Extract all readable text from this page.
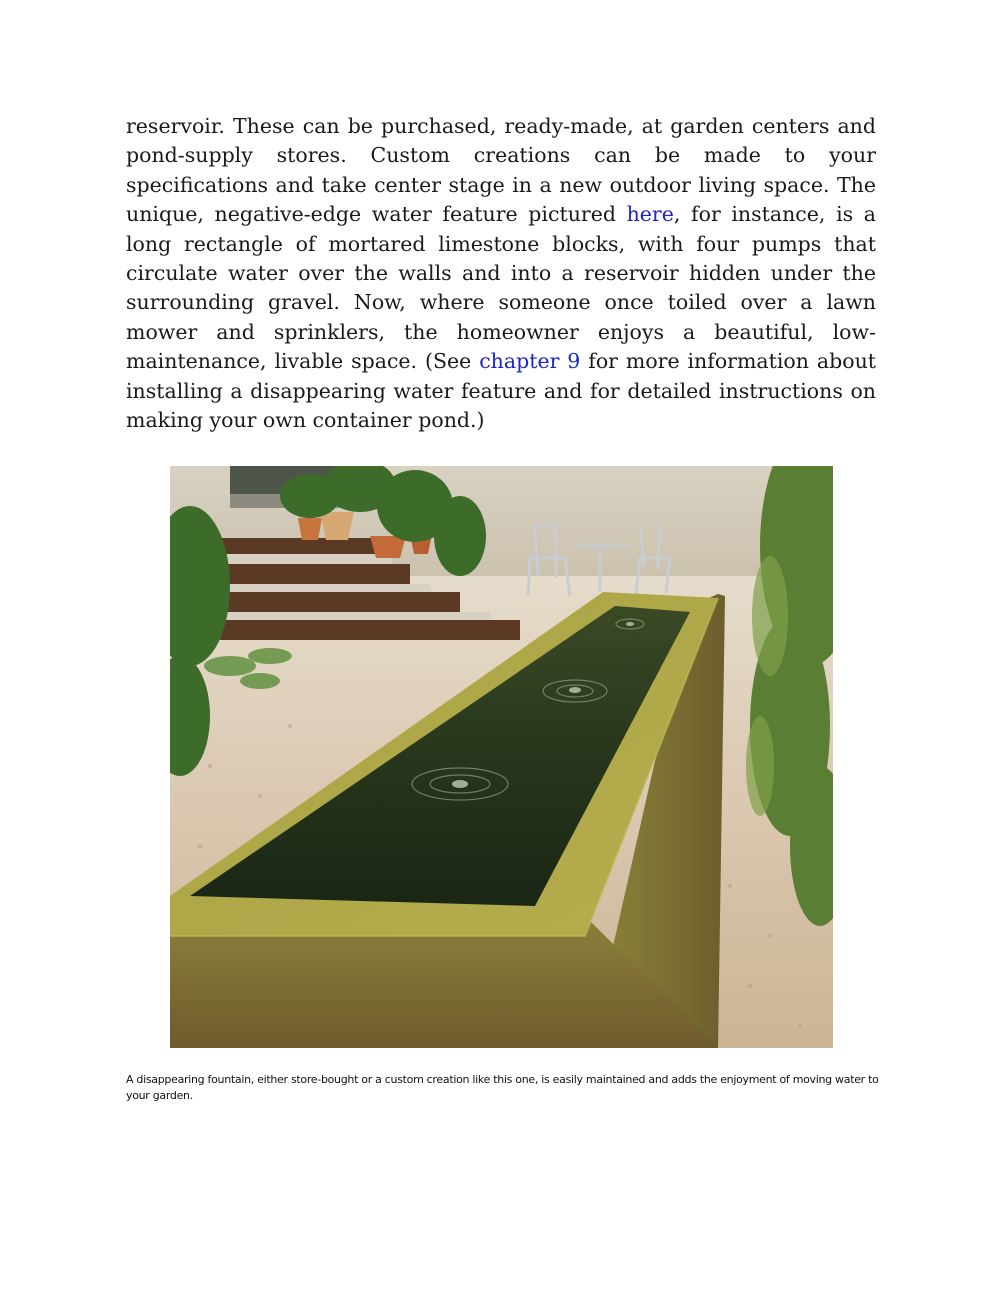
reservoir. These can be purchased, ready-made, at garden centers and pond-supply stores. Custom creations can be made to your specifications and take center stage in a new outdoor living space. The unique, negative-edge water feature pictured here, for instance, is a long rectangle of mortared limestone blocks, with four pumps that circulate water over the walls and into a reservoir hidden under the surrounding gravel. Now, where someone once toiled over a lawn mower and sprinklers, the homeowner enjoys a beautiful, low-maintenance, livable space. (See chapter 9 for more information about installing a disappearing water feature and for detailed instructions on making your own container pond.)

A disappearing fountain, either store-bought or a custom creation like this one, is easily maintained and adds the enjoyment of moving water to your garden.
